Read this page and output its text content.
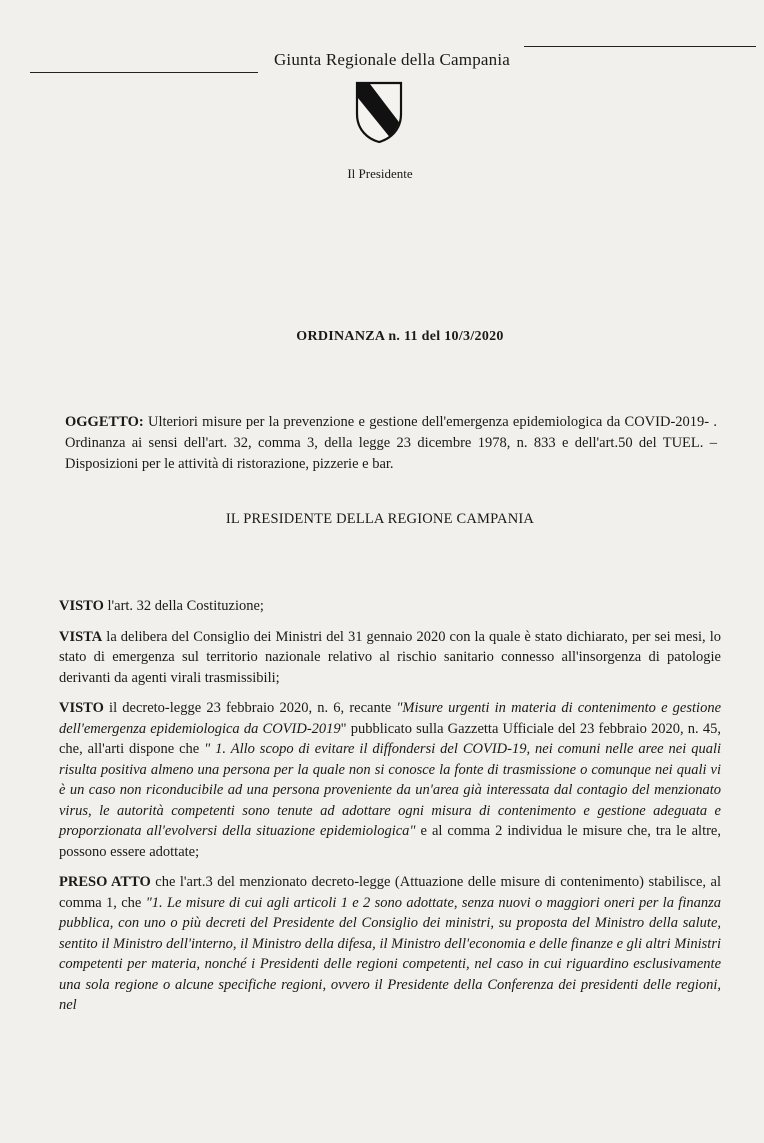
Giunta Regionale della Campania
Il Presidente
ORDINANZA n. 11 del 10/3/2020
OGGETTO: Ulteriori misure per la prevenzione e gestione dell'emergenza epidemiologica da COVID-2019- . Ordinanza ai sensi dell'art. 32, comma 3, della legge 23 dicembre 1978, n. 833 e dell'art.50 del TUEL. – Disposizioni per le attività di ristorazione, pizzerie e bar.
IL PRESIDENTE DELLA REGIONE CAMPANIA

VISTO l'art. 32 della Costituzione;

VISTA la delibera del Consiglio dei Ministri del 31 gennaio 2020 con la quale è stato dichiarato, per sei mesi, lo stato di emergenza sul territorio nazionale relativo al rischio sanitario connesso all'insorgenza di patologie derivanti da agenti virali trasmissibili;

VISTO il decreto-legge 23 febbraio 2020, n. 6, recante "Misure urgenti in materia di contenimento e gestione dell'emergenza epidemiologica da COVID-2019" pubblicato sulla Gazzetta Ufficiale del 23 febbraio 2020, n. 45, che, all'arti dispone che " 1. Allo scopo di evitare il diffondersi del COVID-19, nei comuni nelle aree nei quali risulta positiva almeno una persona per la quale non si conosce la fonte di trasmissione o comunque nei quali vi è un caso non riconducibile ad una persona proveniente da un'area già interessata dal contagio del menzionato virus, le autorità competenti sono tenute ad adottare ogni misura di contenimento e gestione adeguata e proporzionata all'evolversi della situazione epidemiologica" e al comma 2 individua le misure che, tra le altre, possono essere adottate;

PRESO ATTO che l'art.3 del menzionato decreto-legge (Attuazione delle misure di contenimento) stabilisce, al comma 1, che "1. Le misure di cui agli articoli 1 e 2 sono adottate, senza nuovi o maggiori oneri per la finanza pubblica, con uno o più decreti del Presidente del Consiglio dei ministri, su proposta del Ministro della salute, sentito il Ministro dell'interno, il Ministro della difesa, il Ministro dell'economia e delle finanze e gli altri Ministri competenti per materia, nonché i Presidenti delle regioni competenti, nel caso in cui riguardino esclusivamente una sola regione o alcune specifiche regioni, ovvero il Presidente della Conferenza dei presidenti delle regioni, nel
